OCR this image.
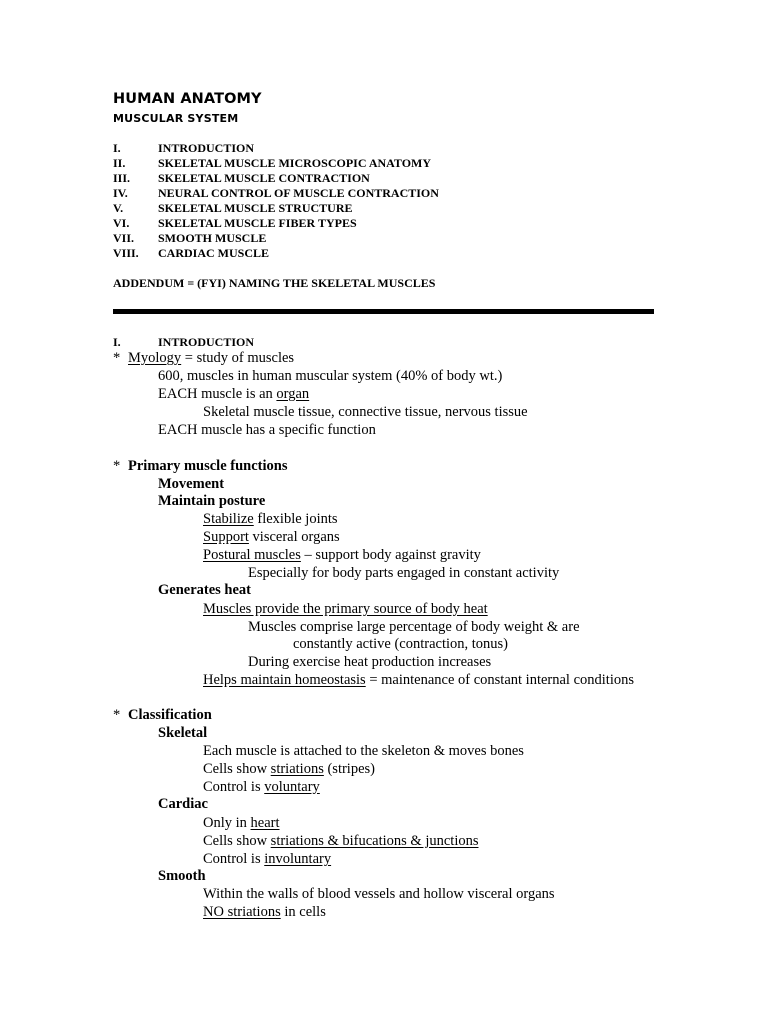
HUMAN ANATOMY
MUSCULAR SYSTEM
I.	INTRODUCTION
II.	SKELETAL MUSCLE MICROSCOPIC ANATOMY
III. SKELETAL MUSCLE CONTRACTION
IV.	NEURAL CONTROL OF MUSCLE CONTRACTION
V.	SKELETAL MUSCLE STRUCTURE
VI. SKELETAL MUSCLE FIBER TYPES
VII. SMOOTH MUSCLE
VIII. CARDIAC MUSCLE
ADDENDUM = (FYI) NAMING THE SKELETAL MUSCLES
I.	INTRODUCTION
* Myology = study of muscles
600, muscles in human muscular system (40% of body wt.)
EACH muscle is an organ
Skeletal muscle tissue, connective tissue, nervous tissue
EACH muscle has a specific function
* Primary muscle functions
Movement
Maintain posture
Stabilize flexible joints
Support visceral organs
Postural muscles – support body against gravity
Especially for body parts engaged in constant activity
Generates heat
Muscles provide the primary source of body heat
Muscles comprise large percentage of body weight & are
constantly active (contraction, tonus)
During exercise heat production increases
Helps maintain homeostasis = maintenance of constant internal conditions
* Classification
Skeletal
Each muscle is attached to the skeleton & moves bones
Cells show striations (stripes)
Control is voluntary
Cardiac
Only in heart
Cells show striations & bifucations & junctions
Control is involuntary
Smooth
Within the walls of blood vessels and hollow visceral organs
NO striations in cells
